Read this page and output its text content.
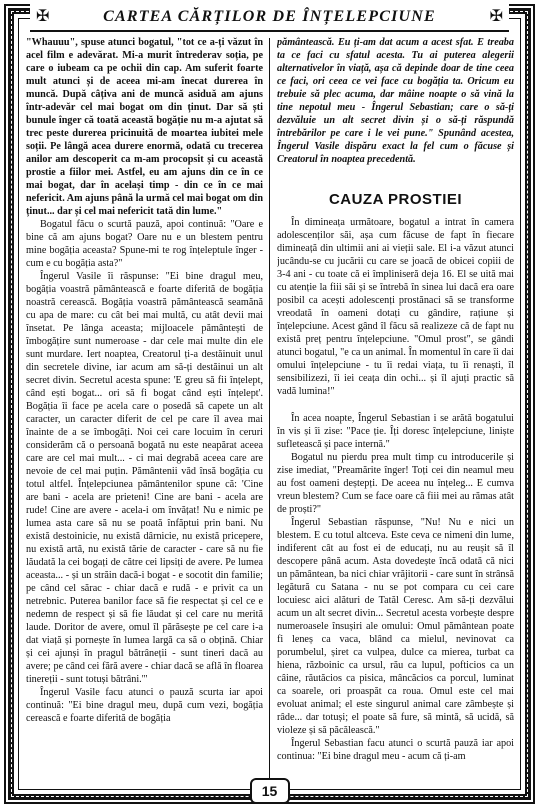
✠	CARTEA CĂRȚILOR DE ÎNȚELEPCIUNE	✠

"Whauuu", spuse atunci bogatul, "tot ce a-ți văzut în acel film e adevărat. Mi-a murit întrederav soția, pe care o iubeam ca pe ochii din cap. Am suferit foarte mult atunci și de aceea mi-am înecat durerea în muncă. După câțiva ani de muncă asiduă am ajuns într-adevăr cel mai bogat om din ținut. Dar să ști bunule înger că toată această bogăție nu m-a ajutat să trec peste durerea pricinuită de moartea iubitei mele soții. Pe lângă acea durere enormă, odată cu trecerea anilor am descoperit ca m-am procopsit și cu această prostie a fiilor mei. Astfel, eu am ajuns din ce în ce mai bogat, dar în același timp - din ce în ce mai nefericit. Am ajuns până la urmă cel mai bogat om din ținut... dar și cel mai nefericit tată din lume."

Bogatul făcu o scurtă pauză, apoi continuă: "Oare e bine că am ajuns bogat? Oare nu e un blestem pentru mine bogăția aceasta? Spune-mi te rog înțeleptule înger - cum e cu bogăția asta?"

Îngerul Vasile îi răspunse: "Ei bine dragul meu, bogăția voastră pământească e foarte diferită de bogăția noastră cerească. Bogăția voastră pământească seamănă cu apa de mare: cu cât bei mai multă, cu atât devii mai însetat. Pe lânga aceasta; mijloacele pământești de îmbogățire sunt numeroase - dar cele mai multe din ele sunt murdare. Iert noaptea, Creatorul ți-a destăinuit unul din secretele divine, iar acum am să-ți destăinui un alt secret divin. Secretul acesta spune: 'E greu să fii înțelept, când ești bogat... ori să fi bogat când ești înțelept'. Bogăția îi face pe acela care o posedă să capete un alt caracter, un caracter diferit de cel pe care îl avea mai înainte de a se îmbogăți. Noi cei care locuim în ceruri considerăm că o persoană bogată nu este neapărat aceea care are cel mai mult... - ci mai degrabă aceea care are nevoie de cel mai puțin. Pământenii văd însă bogăția cu totul altfel. Înțelepciunea pământenilor spune că: 'Cine are bani - acela are prieteni! Cine are bani - acela are rude! Cine are avere - acela-i om învățat! Nu e nimic pe lumea asta care să nu se poată înfăptui prin bani. Nu există destoinicie, nu există dârnicie, nu există pricepere, nu există artă, nu există tărie de caracter - care să nu fie lăudată la cei bogați de către cei lipsiți de avere. Pe lumea aceasta... - și un străin dacă-i bogat - e socotit din familie; pe când cel sărac - chiar dacă e rudă - e privit ca un netrebnic. Puterea banilor face să fie respectat și cel ce e nedemn de respect și să fie lăudat și cel care nu merită laude. Doritor de avere, omul îl părăsește pe cel care i-a dat viață și pornește în lumea largă ca să o obțină. Chiar și cei ajunși în pragul bătrâneții - sunt tineri dacă au avere; pe când cei fără avere - chiar dacă se află în floarea tinereții - sunt totuși bătrâni.'"

Îngerul Vasile facu atunci o pauză scurta iar apoi continuă: "Ei bine dragul meu, după cum vezi, bogăția cerească e foarte diferită de bogăția

pământească. Eu ți-am dat acum a acest sfat. E treaba ta ce faci cu sfatul acesta. Tu ai puterea alegerii alternativelor în viață, așa că depinde doar de tine ceea ce faci, ori ceea ce vei face cu bogăția ta. Oricum eu trebuie să plec acuma, dar mâine noapte o să vină la tine nepotul meu - Îngerul Sebastian; care o să-ți dezvăluie un alt secret divin și o să-ți răspundă întrebărilor pe care i le vei pune." Spunând acestea, Îngerul Vasile dispăru exact la fel cum o făcuse și Creatorul în noaptea precedentă.

CAUZA PROSTIEI

În dimineața următoare, bogatul a intrat în camera adolescenților săi, așa cum făcuse de fapt în fiecare dimineață din ultimii ani ai vieții sale. El i-a văzut atunci jucându-se cu jucării cu care se joacă de obicei copiii de 3-4 ani - cu toate că ei împliniseră deja 16. El se uită mai cu atenție la fiii săi și se întrebă în sinea lui dacă era oare posibil ca acești adolescenți prostănaci să se transforme vreodată în oameni dotați cu gândire, rațiune și înțelepciune. Acest gând îl făcu să realizeze că de fapt nu există preț pentru înțelepciune. "Omul prost", se gândi atunci bogatul, "e ca un animal. În momentul în care îi dai omului înțelepciune - tu îi redai viața, tu îi renaști, îl sensibilizezi, îi iei ceața din ochi... și îl ajuți practic să vadă lumina!"

În acea noapte, Îngerul Sebastian i se arătă bogatului în vis și îi zise: "Pace ție. Îți doresc înțelepciune, liniște sufletească și pace internă."

Bogatul nu pierdu prea mult timp cu introducerile și zise imediat, "Preamărite înger! Toți cei din neamul meu au fost oameni deștepți. De aceea nu înțeleg... E cumva vreun blestem? Cum se face oare că fiii mei au rămas atât de proști?"

Îngerul Sebastian răspunse, "Nu! Nu e nici un blestem. E cu totul altceva. Este ceva ce nimeni din lume, indiferent cât au fost ei de educați, nu au reușit să îl descopere până acum. Asta dovedește încă odată că nici un pământean, ba nici chiar vrăjitorii - care sunt în strânsă legătură cu Satana - nu se pot compara cu cei care locuiesc aici alături de Tatăl Ceresc. Am să-ți dezvălui acum un alt secret divin... Secretul acesta vorbește despre numeroasele însușiri ale omului: Omul pământean poate fi leneș ca vaca, blând ca mielul, nevinovat ca porumbelul, șiret ca vulpea, dulce ca mierea, turbat ca hiena, războinic ca ursul, rău ca lupul, pofticios ca un câine, răutăcios ca pisica, mâncăcios ca porcul, luminat ca soarele, ori proaspăt ca roua. Omul este cel mai evoluat animal; el este singurul animal care zâmbește și râde... dar totuși; el poate să fure, să mintă, să ucidă, să violeze și să păcălească."

Îngerul Sebastian facu atunci o scurtă pauză iar apoi continua: "Ei bine dragul meu - acum că ți-am

15
